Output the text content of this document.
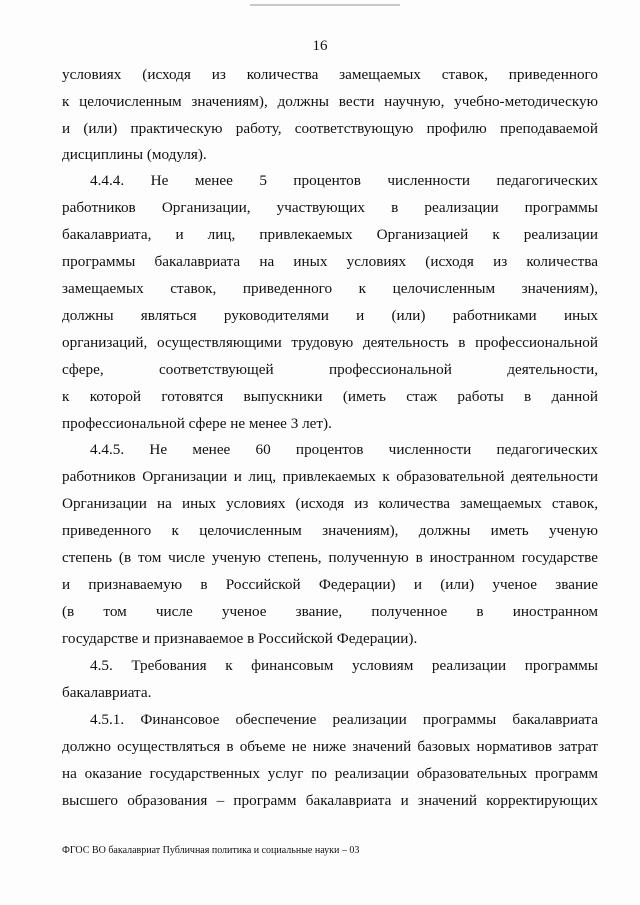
16
условиях (исходя из количества замещаемых ставок, приведенного
к целочисленным значениям), должны вести научную, учебно-методическую
и (или) практическую работу, соответствующую профилю преподаваемой
дисциплины (модуля).
4.4.4. Не менее 5 процентов численности педагогических
работников Организации, участвующих в реализации программы
бакалавриата, и лиц, привлекаемых Организацией к реализации
программы бакалавриата на иных условиях (исходя из количества
замещаемых ставок, приведенного к целочисленным значениям),
должны являться руководителями и (или) работниками иных
организаций, осуществляющими трудовую деятельность в профессиональной
сфере, соответствующей профессиональной деятельности,
к которой готовятся выпускники (иметь стаж работы в данной
профессиональной сфере не менее 3 лет).
4.4.5. Не менее 60 процентов численности педагогических
работников Организации и лиц, привлекаемых к образовательной деятельности
Организации на иных условиях (исходя из количества замещаемых ставок,
приведенного к целочисленным значениям), должны иметь ученую
степень (в том числе ученую степень, полученную в иностранном государстве
и признаваемую в Российской Федерации) и (или) ученое звание
(в том числе ученое звание, полученное в иностранном
государстве и признаваемое в Российской Федерации).
4.5. Требования к финансовым условиям реализации программы
бакалавриата.
4.5.1. Финансовое обеспечение реализации программы бакалавриата
должно осуществляться в объеме не ниже значений базовых нормативов затрат
на оказание государственных услуг по реализации образовательных программ
высшего образования – программ бакалавриата и значений корректирующих
ФГОС ВО бакалавриат Публичная политика и социальные науки – 03
